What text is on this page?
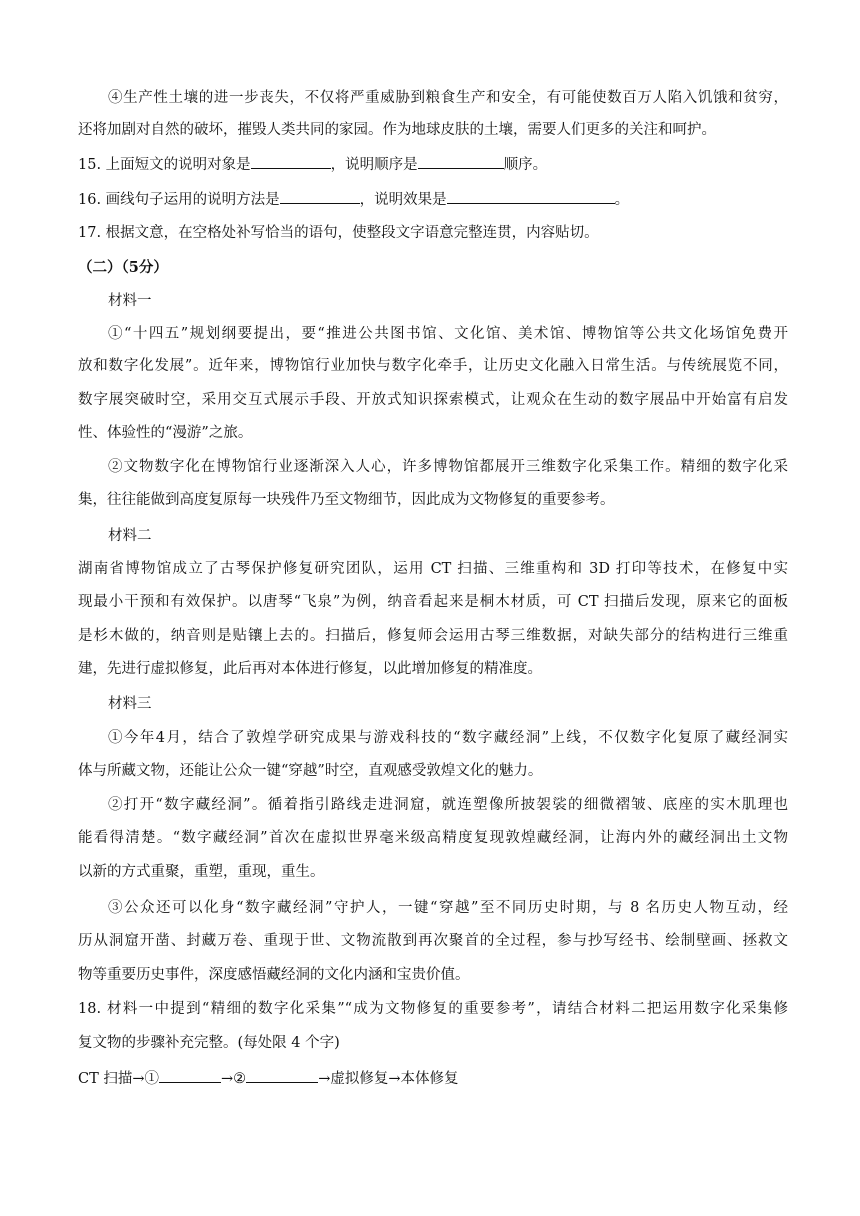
④生产性土壤的进一步丧失，不仅将严重威胁到粮食生产和安全，有可能使数百万人陷入饥饿和贫穷，
还将加剧对自然的破坏，摧毁人类共同的家园。作为地球皮肤的土壤，需要人们更多的关注和呵护。
15. 上面短文的说明对象是	，说明顺序是	顺序。
16. 画线句子运用的说明方法是	，说明效果是	。
17. 根据文意，在空格处补写恰当的语句，使整段文字语意完整连贯，内容贴切。
（二）（5分）
材料一
①“十四五”规划纲要提出，要“推进公共图书馆、文化馆、美术馆、博物馆等公共文化场馆免费开
放和数字化发展”。近年来，博物馆行业加快与数字化牵手，让历史文化融入日常生活。与传统展览不同，
数字展突破时空，采用交互式展示手段、开放式知识探索模式，让观众在生动的数字展品中开始富有启发
性、体验性的“漫游”之旅。
②文物数字化在博物馆行业逐渐深入人心，许多博物馆都展开三维数字化采集工作。精细的数字化采
集，往往能做到高度复原每一块残件乃至文物细节，因此成为文物修复的重要参考。
材料二
湖南省博物馆成立了古琴保护修复研究团队，运用 CT 扫描、三维重构和 3D 打印等技术，在修复中实
现最小干预和有效保护。以唐琴“飞泉”为例，纳音看起来是桐木材质，可 CT 扫描后发现，原来它的面板
是杉木做的，纳音则是贴镶上去的。扫描后，修复师会运用古琴三维数据，对缺失部分的结构进行三维重
建，先进行虚拟修复，此后再对本体进行修复，以此增加修复的精准度。
材料三
①今年4月，结合了敦煌学研究成果与游戏科技的“数字藏经洞”上线，不仅数字化复原了藏经洞实
体与所藏文物，还能让公众一键“穿越”时空，直观感受敦煌文化的魅力。
②打开“数字藏经洞”。循着指引路线走进洞窟，就连塑像所披袈裟的细微褶皱、底座的实木肌理也
能看得清楚。“数字藏经洞”首次在虚拟世界毫米级高精度复现敦煌藏经洞，让海内外的藏经洞出土文物
以新的方式重聚，重塑，重现，重生。
③公众还可以化身“数字藏经洞”守护人，一键“穿越”至不同历史时期，与 8 名历史人物互动，经
历从洞窟开凿、封藏万卷、重现于世、文物流散到再次聚首的全过程，参与抄写经书、绘制壁画、拯救文
物等重要历史事件，深度感悟藏经洞的文化内涵和宝贵价值。
18. 材料一中提到“精细的数字化采集”“成为文物修复的重要参考”，请结合材料二把运用数字化采集修
复文物的步骤补充完整。(每处限 4 个字)
CT 扫描→①	→②	→虚拟修复→本体修复
